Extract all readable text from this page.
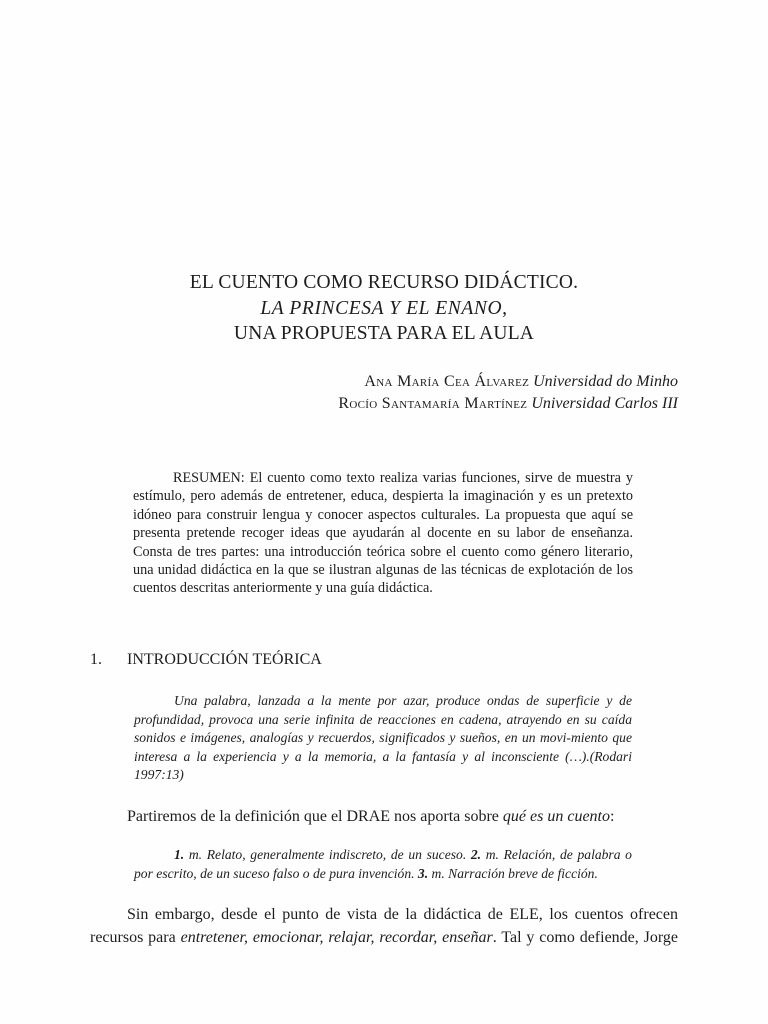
EL CUENTO COMO RECURSO DIDÁCTICO.
LA PRINCESA Y EL ENANO,
UNA PROPUESTA PARA EL AULA
Ana María Cea Álvarez Universidad do Minho
Rocío Santamaría Martínez Universidad Carlos III

RESUMEN: El cuento como texto realiza varias funciones, sirve de muestra y estímulo, pero además de entretener, educa, despierta la imaginación y es un pretexto idóneo para construir lengua y conocer aspectos culturales. La propuesta que aquí se presenta pretende recoger ideas que ayudarán al docente en su labor de enseñanza. Consta de tres partes: una introducción teórica sobre el cuento como género literario, una unidad didáctica en la que se ilustran algunas de las técnicas de explotación de los cuentos descritas anteriormente y una guía didáctica.

1. INTRODUCCIÓN TEÓRICA

Una palabra, lanzada a la mente por azar, produce ondas de superficie y de profundidad, provoca una serie infinita de reacciones en cadena, atrayendo en su caída sonidos e imágenes, analogías y recuerdos, significados y sueños, en un movi-miento que interesa a la experiencia y a la memoria, a la fantasía y al inconsciente (…).(Rodari 1997:13)

Partiremos de la definición que el DRAE nos aporta sobre qué es un cuento:

1. m. Relato, generalmente indiscreto, de un suceso. 2. m. Relación, de palabra o por escrito, de un suceso falso o de pura invención. 3. m. Narración breve de ficción.

Sin embargo, desde el punto de vista de la didáctica de ELE, los cuentos ofrecen recursos para entretener, emocionar, relajar, recordar, enseñar. Tal y como defiende, Jorge
